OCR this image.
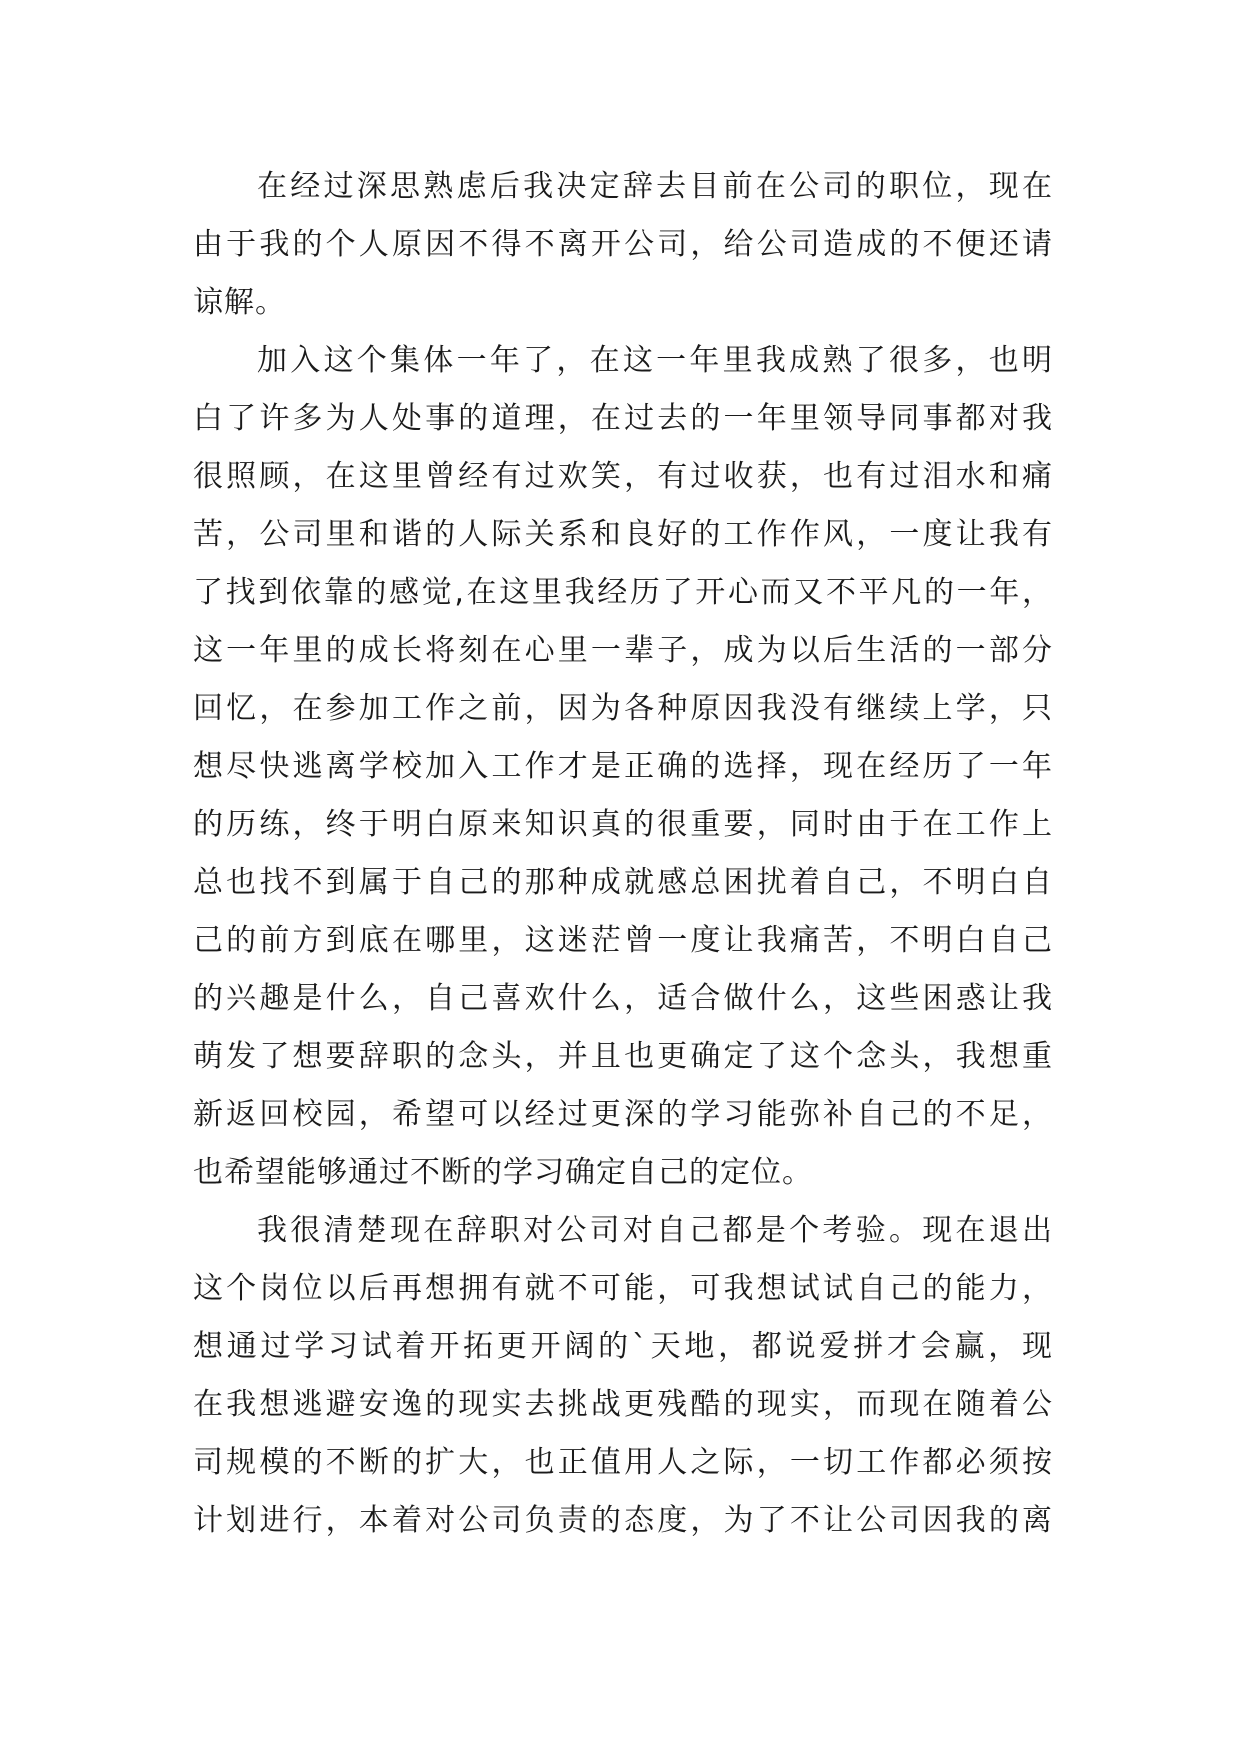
在经过深思熟虑后我决定辞去目前在公司的职位，现在
由于我的个人原因不得不离开公司，给公司造成的不便还请
谅解。
加入这个集体一年了，在这一年里我成熟了很多，也明
白了许多为人处事的道理，在过去的一年里领导同事都对我
很照顾，在这里曾经有过欢笑，有过收获，也有过泪水和痛
苦，公司里和谐的人际关系和良好的工作作风，一度让我有
了找到依靠的感觉,在这里我经历了开心而又不平凡的一年，
这一年里的成长将刻在心里一辈子，成为以后生活的一部分
回忆，在参加工作之前，因为各种原因我没有继续上学，只
想尽快逃离学校加入工作才是正确的选择，现在经历了一年
的历练，终于明白原来知识真的很重要，同时由于在工作上
总也找不到属于自己的那种成就感总困扰着自己，不明白自
己的前方到底在哪里，这迷茫曾一度让我痛苦，不明白自己
的兴趣是什么，自己喜欢什么，适合做什么，这些困惑让我
萌发了想要辞职的念头，并且也更确定了这个念头，我想重
新返回校园，希望可以经过更深的学习能弥补自己的不足，
也希望能够通过不断的学习确定自己的定位。
我很清楚现在辞职对公司对自己都是个考验。现在退出
这个岗位以后再想拥有就不可能，可我想试试自己的能力，
想通过学习试着开拓更开阔的`天地，都说爱拼才会赢，现
在我想逃避安逸的现实去挑战更残酷的现实，而现在随着公
司规模的不断的扩大，也正值用人之际，一切工作都必须按
计划进行，本着对公司负责的态度，为了不让公司因我的离
